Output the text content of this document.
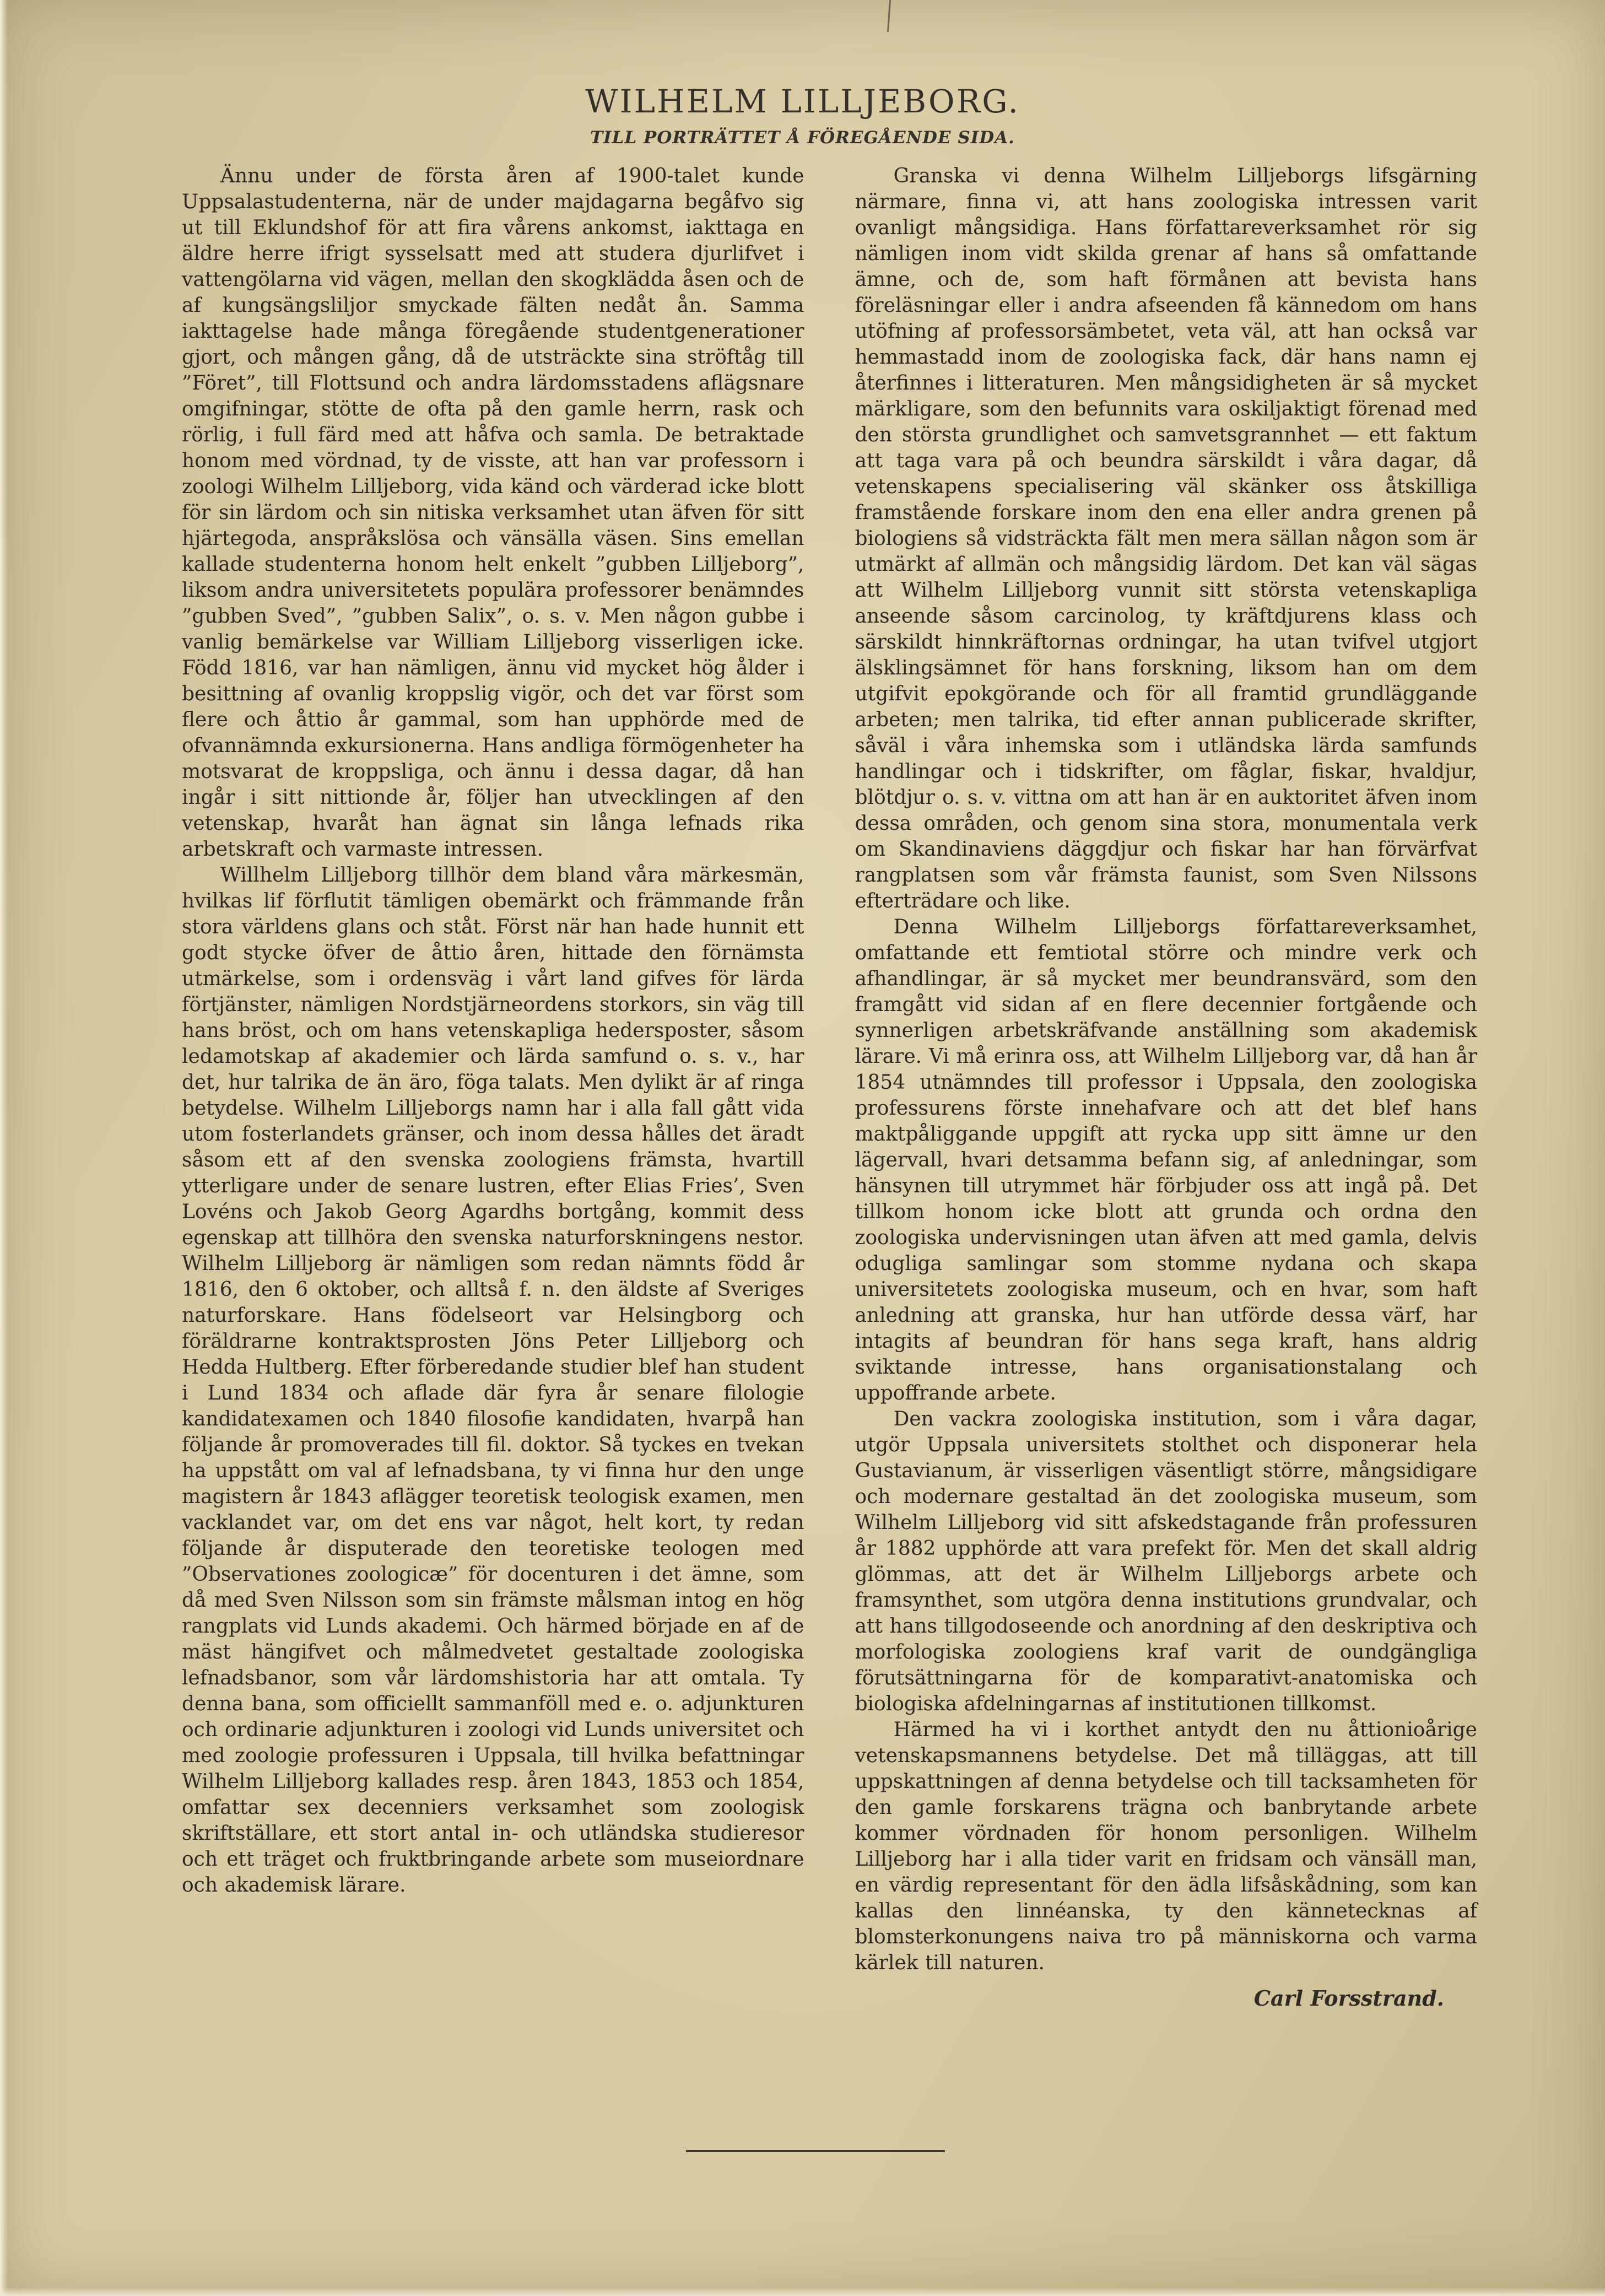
WILHELM LILLJEBORG.
TILL PORTRÄTTET Å FÖREGÅENDE SIDA.

Ännu under de första åren af 1900-talet kunde Uppsalastudenterna, när de under majdagarna begåfvo sig ut till Eklundshof för att fira vårens ankomst, iakttaga en äldre herre ifrigt sysselsatt med att studera djurlifvet i vattengölarna vid vägen, mellan den skogklädda åsen och de af kungsängsliljor smyckade fälten nedåt ån. Samma iakttagelse hade många föregående studentgenerationer gjort, och mången gång, då de utsträckte sina ströftåg till ”Föret”, till Flottsund och andra lärdomsstadens aflägsnare omgifningar, stötte de ofta på den gamle herrn, rask och rörlig, i full färd med att håfva och samla. De betraktade honom med vördnad, ty de visste, att han var professorn i zoologi Wilhelm Lilljeborg, vida känd och värderad icke blott för sin lärdom och sin nitiska verksamhet utan äfven för sitt hjärtegoda, anspråkslösa och vänsälla väsen. Sins emellan kallade studenterna honom helt enkelt ”gubben Lilljeborg”, liksom andra universitetets populära professorer benämndes ”gubben Sved”, ”gubben Salix”, o. s. v. Men någon gubbe i vanlig bemärkelse var William Lilljeborg visserligen icke. Född 1816, var han nämligen, ännu vid mycket hög ålder i besittning af ovanlig kroppslig vigör, och det var först som flere och åttio år gammal, som han upphörde med de ofvannämnda exkursionerna. Hans andliga förmögenheter ha motsvarat de kroppsliga, och ännu i dessa dagar, då han ingår i sitt nittionde år, följer han utvecklingen af den vetenskap, hvaråt han ägnat sin långa lefnads rika arbetskraft och varmaste intressen.

Willhelm Lilljeborg tillhör dem bland våra märkesmän, hvilkas lif förflutit tämligen obemärkt och främmande från stora världens glans och ståt. Först när han hade hunnit ett godt stycke öfver de åttio åren, hittade den förnämsta utmärkelse, som i ordensväg i vårt land gifves för lärda förtjänster, nämligen Nordstjärneordens storkors, sin väg till hans bröst, och om hans vetenskapliga hedersposter, såsom ledamotskap af akademier och lärda samfund o. s. v., har det, hur talrika de än äro, föga talats. Men dylikt är af ringa betydelse. Wilhelm Lilljeborgs namn har i alla fall gått vida utom fosterlandets gränser, och inom dessa hålles det äradt såsom ett af den svenska zoologiens främsta, hvartill ytterligare under de senare lustren, efter Elias Fries’, Sven Lovéns och Jakob Georg Agardhs bortgång, kommit dess egenskap att tillhöra den svenska naturforskningens nestor. Wilhelm Lilljeborg är nämligen som redan nämnts född år 1816, den 6 oktober, och alltså f. n. den äldste af Sveriges naturforskare. Hans födelseort var Helsingborg och föräldrarne kontraktsprosten Jöns Peter Lilljeborg och Hedda Hultberg. Efter förberedande studier blef han student i Lund 1834 och aflade där fyra år senare filologie kandidatexamen och 1840 filosofie kandidaten, hvarpå han följande år promoverades till fil. doktor. Så tyckes en tvekan ha uppstått om val af lefnadsbana, ty vi finna hur den unge magistern år 1843 aflägger teoretisk teologisk examen, men vacklandet var, om det ens var något, helt kort, ty redan följande år disputerade den teoretiske teologen med ”Observationes zoologicæ” för docenturen i det ämne, som då med Sven Nilsson som sin främste målsman intog en hög rangplats vid Lunds akademi. Och härmed började en af de mäst hängifvet och målmedvetet gestaltade zoologiska lefnadsbanor, som vår lärdomshistoria har att omtala. Ty denna bana, som officiellt sammanföll med e. o. adjunkturen och ordinarie adjunkturen i zoologi vid Lunds universitet och med zoologie professuren i Uppsala, till hvilka befattningar Wilhelm Lilljeborg kallades resp. åren 1843, 1853 och 1854, omfattar sex decenniers verksamhet som zoologisk skriftställare, ett stort antal in- och utländska studieresor och ett träget och fruktbringande arbete som museiordnare och akademisk lärare.

Granska vi denna Wilhelm Lilljeborgs lifsgärning närmare, finna vi, att hans zoologiska intressen varit ovanligt mångsidiga. Hans författareverksamhet rör sig nämligen inom vidt skilda grenar af hans så omfattande ämne, och de, som haft förmånen att bevista hans föreläsningar eller i andra afseenden få kännedom om hans utöfning af professorsämbetet, veta väl, att han också var hemmastadd inom de zoologiska fack, där hans namn ej återfinnes i litteraturen. Men mångsidigheten är så mycket märkligare, som den befunnits vara oskiljaktigt förenad med den största grundlighet och samvetsgrannhet — ett faktum att taga vara på och beundra särskildt i våra dagar, då vetenskapens specialisering väl skänker oss åtskilliga framstående forskare inom den ena eller andra grenen på biologiens så vidsträckta fält men mera sällan någon som är utmärkt af allmän och mångsidig lärdom. Det kan väl sägas att Wilhelm Lilljeborg vunnit sitt största vetenskapliga anseende såsom carcinolog, ty kräftdjurens klass och särskildt hinnkräftornas ordningar, ha utan tvifvel utgjort älsklingsämnet för hans forskning, liksom han om dem utgifvit epokgörande och för all framtid grundläggande arbeten; men talrika, tid efter annan publicerade skrifter, såväl i våra inhemska som i utländska lärda samfunds handlingar och i tidskrifter, om fåglar, fiskar, hvaldjur, blötdjur o. s. v. vittna om att han är en auktoritet äfven inom dessa områden, och genom sina stora, monumentala verk om Skandinaviens däggdjur och fiskar har han förvärfvat rangplatsen som vår främsta faunist, som Sven Nilssons efterträdare och like.

Denna Wilhelm Lilljeborgs författareverksamhet, omfattande ett femtiotal större och mindre verk och afhandlingar, är så mycket mer beundransvärd, som den framgått vid sidan af en flere decennier fortgående och synnerligen arbetskräfvande anställning som akademisk lärare. Vi må erinra oss, att Wilhelm Lilljeborg var, då han år 1854 utnämndes till professor i Uppsala, den zoologiska professurens förste innehafvare och att det blef hans maktpåliggande uppgift att rycka upp sitt ämne ur den lägervall, hvari detsamma befann sig, af anledningar, som hänsynen till utrymmet här förbjuder oss att ingå på. Det tillkom honom icke blott att grunda och ordna den zoologiska undervisningen utan äfven att med gamla, delvis odugliga samlingar som stomme nydana och skapa universitetets zoologiska museum, och en hvar, som haft anledning att granska, hur han utförde dessa värf, har intagits af beundran för hans sega kraft, hans aldrig sviktande intresse, hans organisationstalang och uppoffrande arbete.

Den vackra zoologiska institution, som i våra dagar, utgör Uppsala universitets stolthet och disponerar hela Gustavianum, är visserligen väsentligt större, mångsidigare och modernare gestaltad än det zoologiska museum, som Wilhelm Lilljeborg vid sitt afskedstagande från professuren år 1882 upphörde att vara prefekt för. Men det skall aldrig glömmas, att det är Wilhelm Lilljeborgs arbete och framsynthet, som utgöra denna institutions grundvalar, och att hans tillgodoseende och anordning af den deskriptiva och morfologiska zoologiens kraf varit de oundgängliga förutsättningarna för de komparativt-anatomiska och biologiska afdelningarnas af institutionen tillkomst.

Härmed ha vi i korthet antydt den nu åttionioårige vetenskapsmannens betydelse. Det må tilläggas, att till uppskattningen af denna betydelse och till tacksamheten för den gamle forskarens trägna och banbrytande arbete kommer vördnaden för honom personligen. Wilhelm Lilljeborg har i alla tider varit en fridsam och vänsäll man, en värdig representant för den ädla lifsåskådning, som kan kallas den linnéanska, ty den kännetecknas af blomsterkonungens naiva tro på människorna och varma kärlek till naturen.

Carl Forsstrand.
